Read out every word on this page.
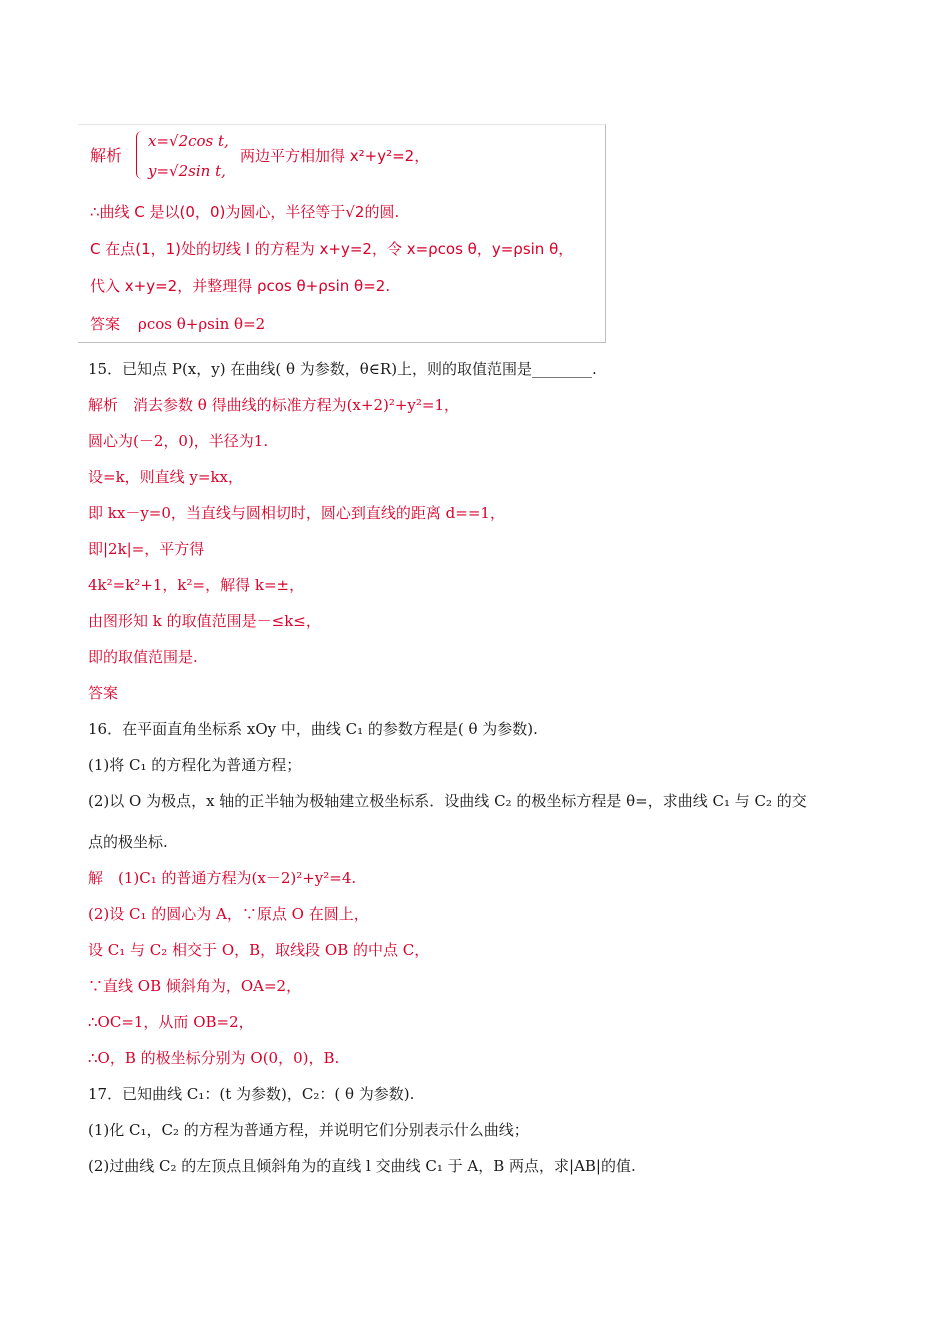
解析
x=√2cos t,
y=√2sin t,
两边平方相加得 x²+y²=2，
∴曲线 C 是以(0，0)为圆心，半径等于√2的圆.
C 在点(1，1)处的切线 l 的方程为 x+y=2，令 x=ρcos θ，y=ρsin θ，
代入 x+y=2，并整理得 ρcos θ+ρsin θ=2.
答案 ρcos θ+ρsin θ=2
15．已知点 P(x，y) 在曲线( θ 为参数，θ∈R)上，则的取值范围是________.
解析　消去参数 θ 得曲线的标准方程为(x+2)²+y²=1，
圆心为(－2，0)，半径为1.
设=k，则直线 y=kx，
即 kx－y=0，当直线与圆相切时，圆心到直线的距离 d==1，
即|2k|=，平方得
4k²=k²+1，k²=，解得 k=±，
由图形知 k 的取值范围是－≤k≤，
即的取值范围是.
答案
16．在平面直角坐标系 xOy 中，曲线 C₁ 的参数方程是( θ 为参数).
(1)将 C₁ 的方程化为普通方程；
(2)以 O 为极点，x 轴的正半轴为极轴建立极坐标系．设曲线 C₂ 的极坐标方程是 θ=，求曲线 C₁ 与 C₂ 的交
点的极坐标.
解　(1)C₁ 的普通方程为(x－2)²+y²=4.
(2)设 C₁ 的圆心为 A，∵原点 O 在圆上，
设 C₁ 与 C₂ 相交于 O，B，取线段 OB 的中点 C，
∵直线 OB 倾斜角为，OA=2，
∴OC=1，从而 OB=2，
∴O，B 的极坐标分别为 O(0，0)，B.
17．已知曲线 C₁：(t 为参数)，C₂：( θ 为参数).
(1)化 C₁，C₂ 的方程为普通方程，并说明它们分别表示什么曲线；
(2)过曲线 C₂ 的左顶点且倾斜角为的直线 l 交曲线 C₁ 于 A，B 两点，求|AB|的值.
